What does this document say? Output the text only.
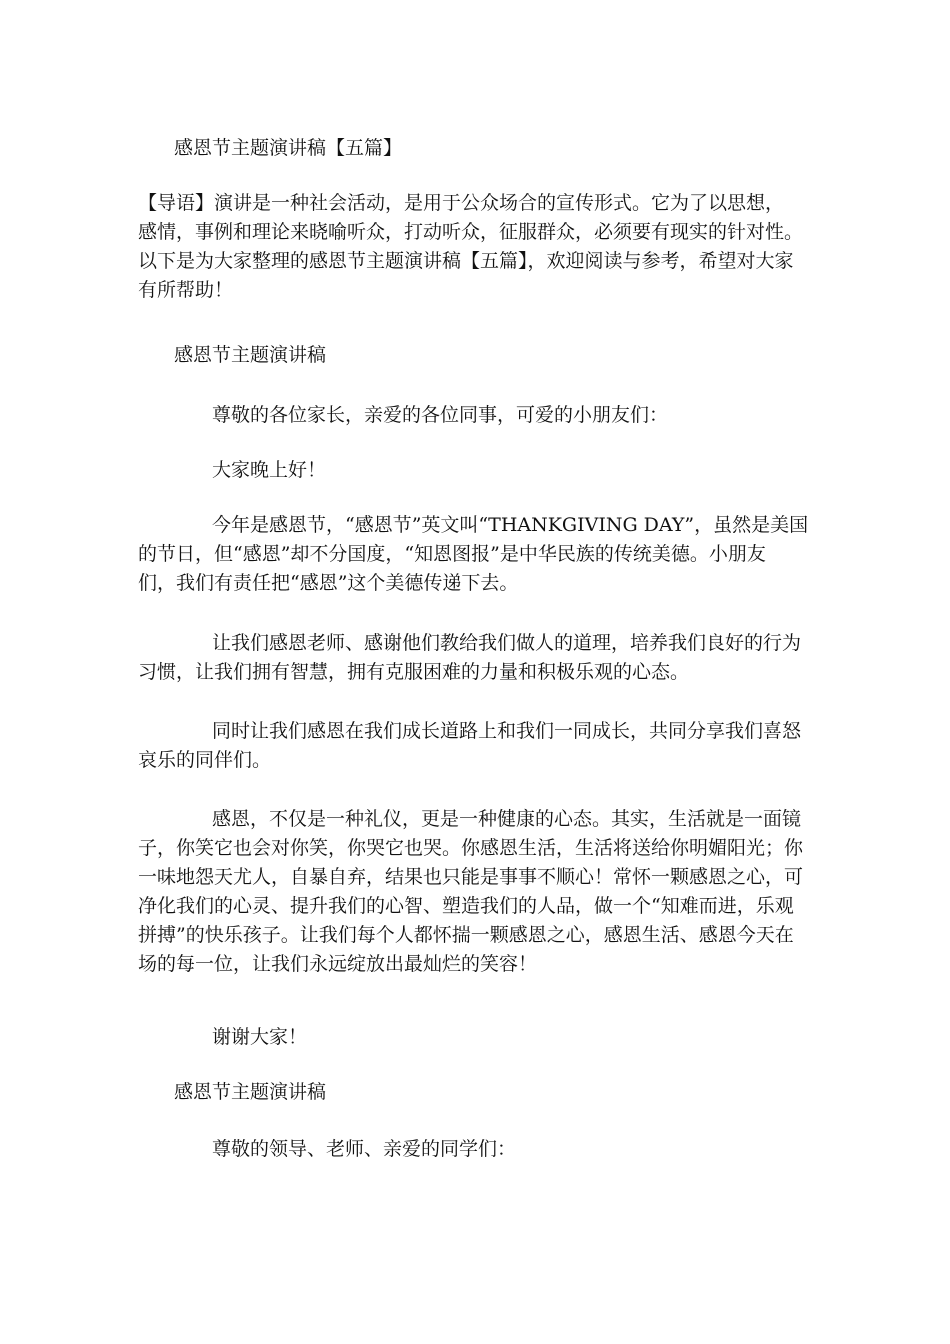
感恩节主题演讲稿【五篇】

【导语】演讲是一种社会活动，是用于公众场合的宣传形式。它为了以思想，
感情，事例和理论来晓喻听众，打动听众，征服群众，必须要有现实的针对性。
以下是为大家整理的感恩节主题演讲稿【五篇】，欢迎阅读与参考，希望对大家
有所帮助！

感恩节主题演讲稿

尊敬的各位家长，亲爱的各位同事，可爱的小朋友们：

大家晚上好！

今年是感恩节，“感恩节”英文叫“THANKGIVING DAY”，虽然是美国
的节日，但“感恩”却不分国度，“知恩图报”是中华民族的传统美德。小朋友
们，我们有责任把“感恩”这个美德传递下去。
让我们感恩老师、感谢他们教给我们做人的道理，培养我们良好的行为
习惯，让我们拥有智慧，拥有克服困难的力量和积极乐观的心态。
同时让我们感恩在我们成长道路上和我们一同成长，共同分享我们喜怒
哀乐的同伴们。
感恩，不仅是一种礼仪，更是一种健康的心态。其实，生活就是一面镜
子，你笑它也会对你笑，你哭它也哭。你感恩生活，生活将送给你明媚阳光；你
一味地怨天尤人，自暴自弃，结果也只能是事事不顺心！常怀一颗感恩之心，可
净化我们的心灵、提升我们的心智、塑造我们的人品，做一个“知难而进，乐观
拼搏”的快乐孩子。让我们每个人都怀揣一颗感恩之心，感恩生活、感恩今天在
场的每一位，让我们永远绽放出最灿烂的笑容！

谢谢大家！

感恩节主题演讲稿

尊敬的领导、老师、亲爱的同学们：
